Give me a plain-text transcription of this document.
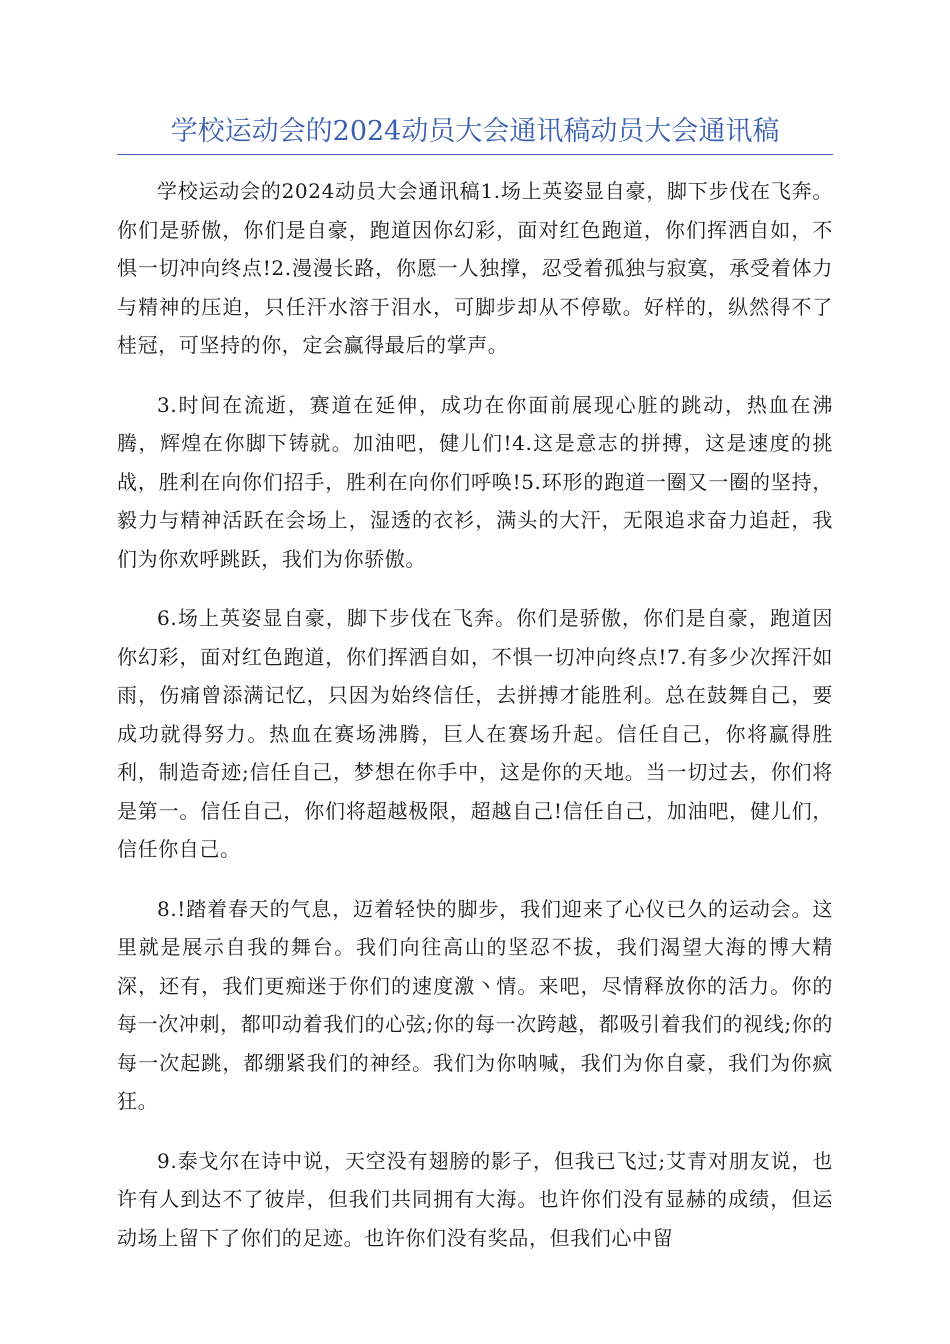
学校运动会的2024动员大会通讯稿动员大会通讯稿

学校运动会的2024动员大会通讯稿1.场上英姿显自豪，脚下步伐在飞奔。你们是骄傲，你们是自豪，跑道因你幻彩，面对红色跑道，你们挥洒自如，不惧一切冲向终点!2.漫漫长路，你愿一人独撑，忍受着孤独与寂寞，承受着体力与精神的压迫，只任汗水溶于泪水，可脚步却从不停歇。好样的，纵然得不了桂冠，可坚持的你，定会赢得最后的掌声。

3.时间在流逝，赛道在延伸，成功在你面前展现心脏的跳动，热血在沸腾，辉煌在你脚下铸就。加油吧，健儿们!4.这是意志的拼搏，这是速度的挑战，胜利在向你们招手，胜利在向你们呼唤!5.环形的跑道一圈又一圈的坚持，毅力与精神活跃在会场上，湿透的衣衫，满头的大汗，无限追求奋力追赶，我们为你欢呼跳跃，我们为你骄傲。

6.场上英姿显自豪，脚下步伐在飞奔。你们是骄傲，你们是自豪，跑道因你幻彩，面对红色跑道，你们挥洒自如，不惧一切冲向终点!7.有多少次挥汗如雨，伤痛曾添满记忆，只因为始终信任，去拼搏才能胜利。总在鼓舞自己，要成功就得努力。热血在赛场沸腾，巨人在赛场升起。信任自己，你将赢得胜利，制造奇迹;信任自己，梦想在你手中，这是你的天地。当一切过去，你们将是第一。信任自己，你们将超越极限，超越自己!信任自己，加油吧，健儿们，信任你自己。

8.!踏着春天的气息，迈着轻快的脚步，我们迎来了心仪已久的运动会。这里就是展示自我的舞台。我们向往高山的坚忍不拔，我们渴望大海的博大精深，还有，我们更痴迷于你们的速度激丶情。来吧，尽情释放你的活力。你的每一次冲刺，都叩动着我们的心弦;你的每一次跨越，都吸引着我们的视线;你的每一次起跳，都绷紧我们的神经。我们为你呐喊，我们为你自豪，我们为你疯狂。

9.泰戈尔在诗中说，天空没有翅膀的影子，但我已飞过;艾青对朋友说，也许有人到达不了彼岸，但我们共同拥有大海。也许你们没有显赫的成绩，但运动场上留下了你们的足迹。也许你们没有奖品，但我们心中留
